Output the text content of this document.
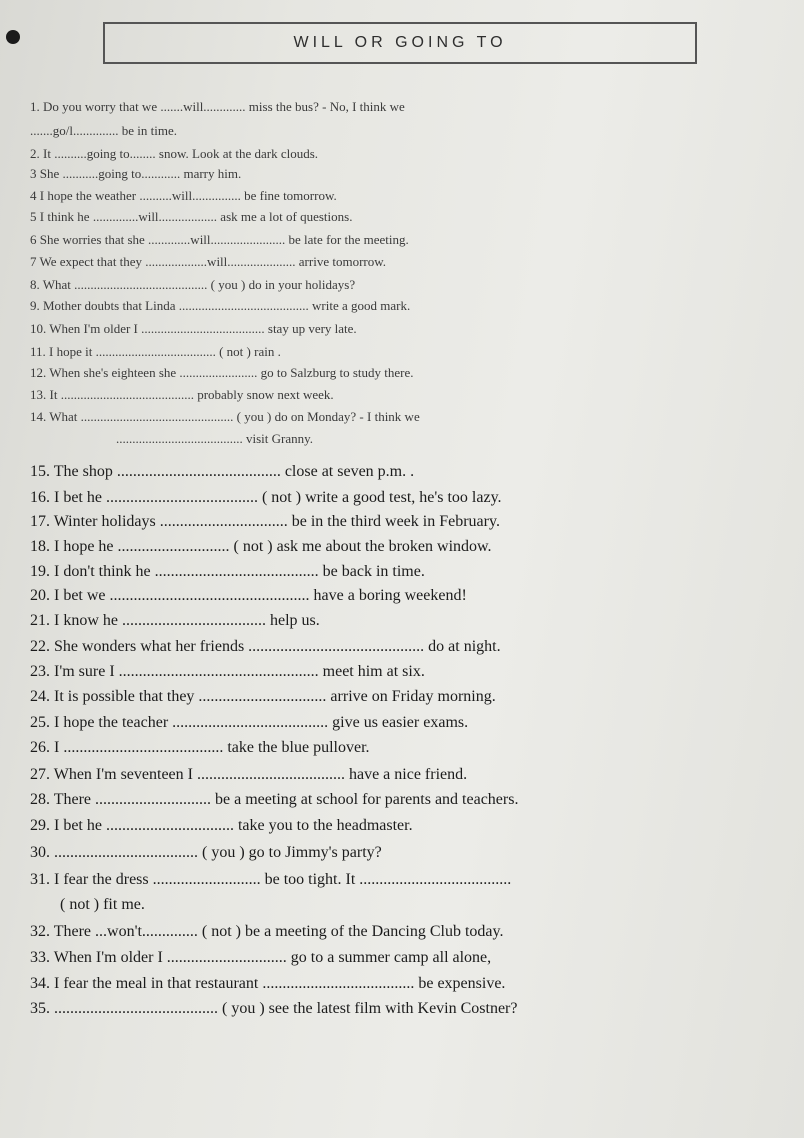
WILL OR GOING TO
1. Do you worry that we .......will............. miss the bus? - No, I think we
.......go/l.............. be in time.
2. It ..........going to........ snow. Look at the dark clouds.
3 She ...........going to............ marry him.
4 I hope the weather ..........will............... be fine tomorrow.
5 I think he ..............will.................. ask me a lot of questions.
6 She worries that she .............will....................... be late for the meeting.
7 We expect that they ...................will..................... arrive tomorrow.
8. What ......................................... ( you ) do in your holidays?
9. Mother doubts that Linda ........................................ write a good mark.
10. When I'm older I ...................................... stay up very late.
11. I hope it ..................................... ( not ) rain .
12. When she's eighteen she ........................ go to Salzburg to study there.
13. It ......................................... probably snow next week.
14. What ............................................... ( you ) do on Monday? - I think we
....................................... visit Granny.
15. The shop ......................................... close at seven p.m. .
16. I bet he ...................................... ( not ) write a good test, he's too lazy.
17. Winter holidays ................................ be in the third week in February.
18. I hope he ............................ ( not ) ask me about the broken window.
19. I don't think he ......................................... be back in time.
20. I bet we .................................................. have a boring weekend!
21. I know he .................................... help us.
22. She wonders what her friends ............................................ do at night.
23. I'm sure I .................................................. meet him at six.
24. It is possible that they ................................ arrive on Friday morning.
25. I hope the teacher ....................................... give us easier exams.
26. I ........................................ take the blue pullover.
27. When I'm seventeen I ..................................... have a nice friend.
28. There ............................. be a meeting at school for parents and teachers.
29. I bet he ................................ take you to the headmaster.
30. .................................... ( you ) go to Jimmy's party?
31. I fear the dress ........................... be too tight. It ......................................
( not ) fit me.
32. There ...won't.............. ( not ) be a meeting of the Dancing Club today.
33. When I'm older I .............................. go to a summer camp all alone,
34. I fear the meal in that restaurant ...................................... be expensive.
35. ......................................... ( you ) see the latest film with Kevin Costner?
